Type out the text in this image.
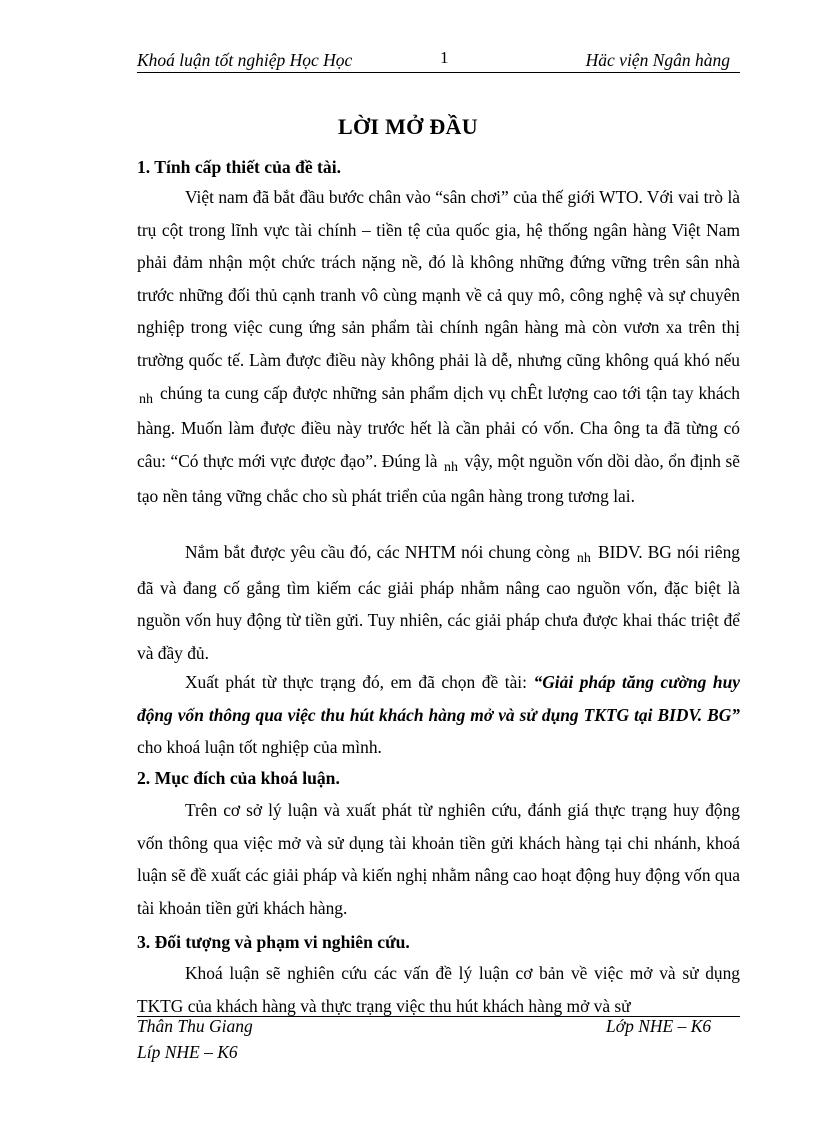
Khoá luận tốt nghiệp Học Học	1	Häc viện Ngân hàng
LỜI MỞ ĐẦU
1. Tính cấp thiết của đề tài.

Việt nam đã bắt đầu bước chân vào “sân chơi” của thế giới WTO. Với vai trò là trụ cột trong lĩnh vực tài chính – tiền tệ của quốc gia, hệ thống ngân hàng Việt Nam phải đảm nhận một chức trách nặng nề, đó là không những đứng vững trên sân nhà trước những đối thủ cạnh tranh vô cùng mạnh về cả quy mô, công nghệ và sự chuyên nghiệp trong việc cung ứng sản phẩm tài chính ngân hàng mà còn vươn xa trên thị trường quốc tế. Làm được điều này không phải là dễ, nhưng cũng không quá khó nếu $_{nh}$ chúng ta cung cấp được những sản phẩm dịch vụ chÊt lượng cao tới tận tay khách hàng. Muốn làm được điều này trước hết là cần phải có vốn. Cha ông ta đã từng có câu: “Có thực mới vực được đạo”. Đúng là $_{nh}$ vậy, một nguồn vốn dồi dào, ổn định sẽ tạo nền tảng vững chắc cho sù phát triển của ngân hàng trong tương lai.

Nắm bắt được yêu cầu đó, các NHTM nói chung còng $_{nh}$ BIDV. BG nói riêng đã và đang cố gắng tìm kiếm các giải pháp nhằm nâng cao nguồn vốn, đặc biệt là nguồn vốn huy động từ tiền gửi. Tuy nhiên, các giải pháp chưa được khai thác triệt để và đầy đủ.

Xuất phát từ thực trạng đó, em đã chọn đề tài: “Giải pháp tăng cường huy động vốn thông qua việc thu hút khách hàng mở và sử dụng TKTG tại BIDV. BG” cho khoá luận tốt nghiệp của mình.

2. Mục đích của khoá luận.

Trên cơ sở lý luận và xuất phát từ nghiên cứu, đánh giá thực trạng huy động vốn thông qua việc mở và sử dụng tài khoản tiền gửi khách hàng tại chi nhánh, khoá luận sẽ đề xuất các giải pháp và kiến nghị nhằm nâng cao hoạt động huy động vốn qua tài khoản tiền gửi khách hàng.

3. Đối tượng và phạm vi nghiên cứu.

Khoá luận sẽ nghiên cứu các vấn đề lý luận cơ bản về việc mở và sử dụng TKTG của khách hàng và thực trạng việc thu hút khách hàng mở và sử

Thân Thu Giang	Lớp NHE – K6
Líp NHE – K6
